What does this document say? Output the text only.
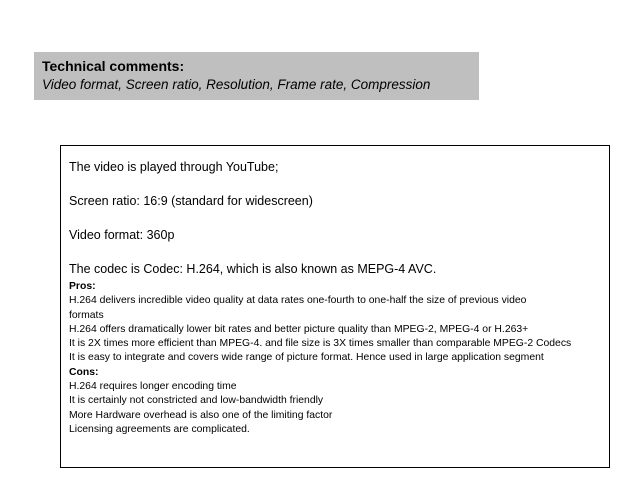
Technical comments:
Video format, Screen ratio, Resolution, Frame rate, Compression
The video is played through YouTube;
Screen ratio: 16:9 (standard for widescreen)
Video format: 360p
The codec is Codec: H.264, which is also known as MEPG-4 AVC.
Pros:
H.264 delivers incredible video quality at data rates one-fourth to one-half the size of previous video
formats
H.264 offers dramatically lower bit rates and better picture quality than MPEG-2, MPEG-4 or H.263+
It is 2X times more efficient than MPEG-4. and file size is 3X times smaller than comparable MPEG-2 Codecs
It is easy to integrate and covers wide range of picture format. Hence used in large application segment
Cons:
H.264 requires longer encoding time
It is certainly not constricted and low-bandwidth friendly
More Hardware overhead is also one of the limiting factor
Licensing agreements are complicated.
